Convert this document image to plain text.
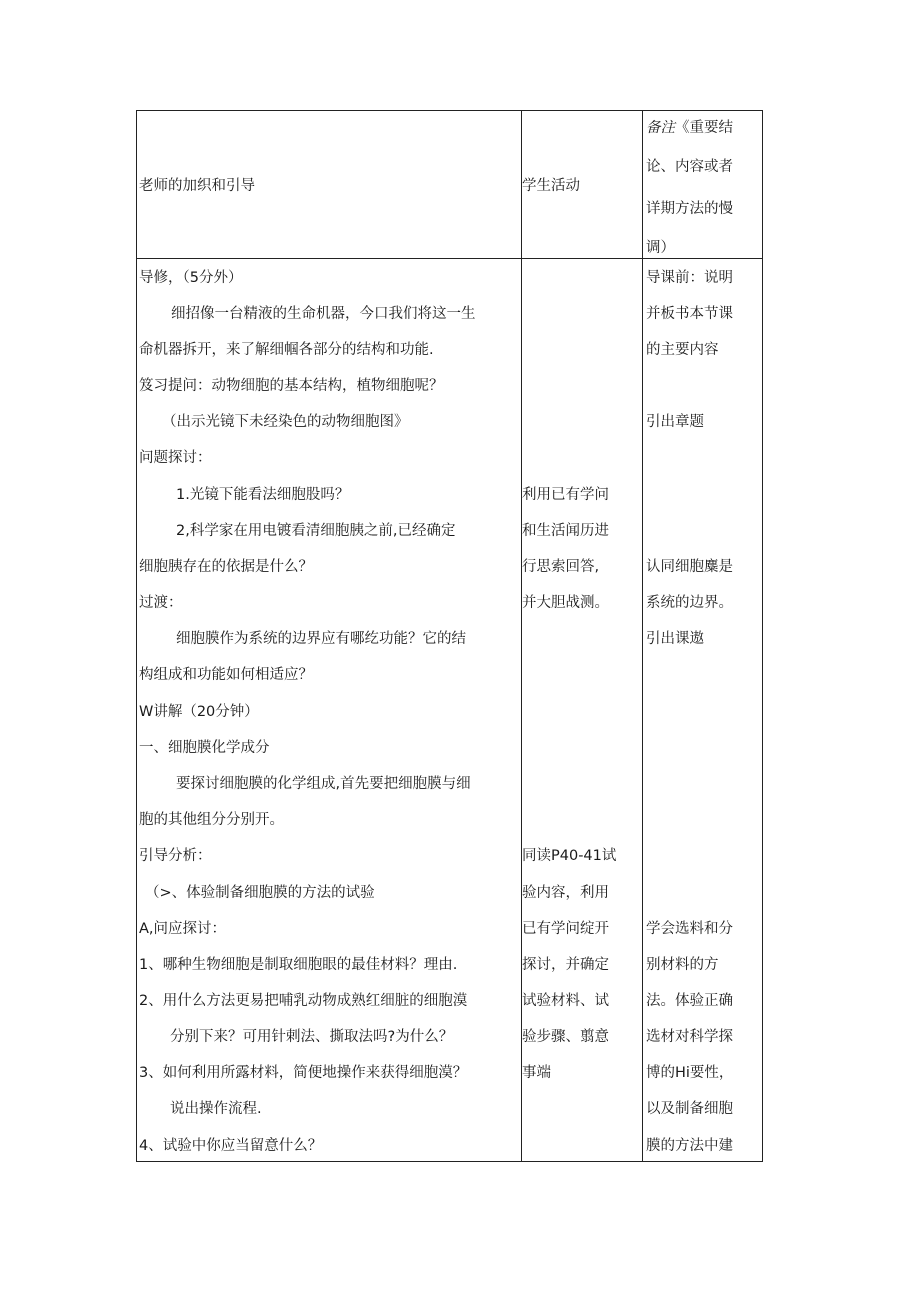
老师的加织和引导	学生活动
备注《重要结
论、内容或者
详期方法的慢
调）
导修，（5分外）
细招像一台精液的生命机器，今口我们将这一生
命机器拆开，来了解细帼各部分的结构和功能.
笈习提问：动物细胞的基本结构，植物细胞呢？
（出示光镜下未经染色的动物细胞图》
问题探讨：
1.光镜下能看法细胞股吗？
2,科学家在用电镀看清细胞胰之前,已经确定
细胞胰存在的依据是什么？
过渡：
细胞膜作为系统的边界应有哪纥功能？它的结
构组成和功能如何相适应？
W讲解（20分钟）
一、细胞膜化学成分
要探讨细胞膜的化学组成,首先要把细胞膜与细
胞的其他组分分别开。
引导分析：
（>、体验制备细胞膜的方法的试验
A,问应探讨：
1、哪种生物细胞是制取细胞眼的最佳材料？理由.
2、用什么方法更易把哺乳动物成熟红细脏的细胞漠
分别下来？可用针剌法、撕取法吗?为什么？
3、如何利用所露材料，简便地操作来获得细胞漠？
说出操作流程.
4、试验中你应当留意什么？
利用已有学问
和生活闻历进
行思索回答,
并大胆战测。
同读P40-41试
验内容，利用
已有学问绽开
探讨，并确定
试验材料、试
验步骤、翦意
事端
导课前：说明
并板书本节课
的主要内容
引出章题
认同细胞麋是
系统的边界。
引出课遨
学会选料和分
别材料的方
法。体验正确
选材对科学探
博的Hi要性，
以及制备细胞
膜的方法中建
